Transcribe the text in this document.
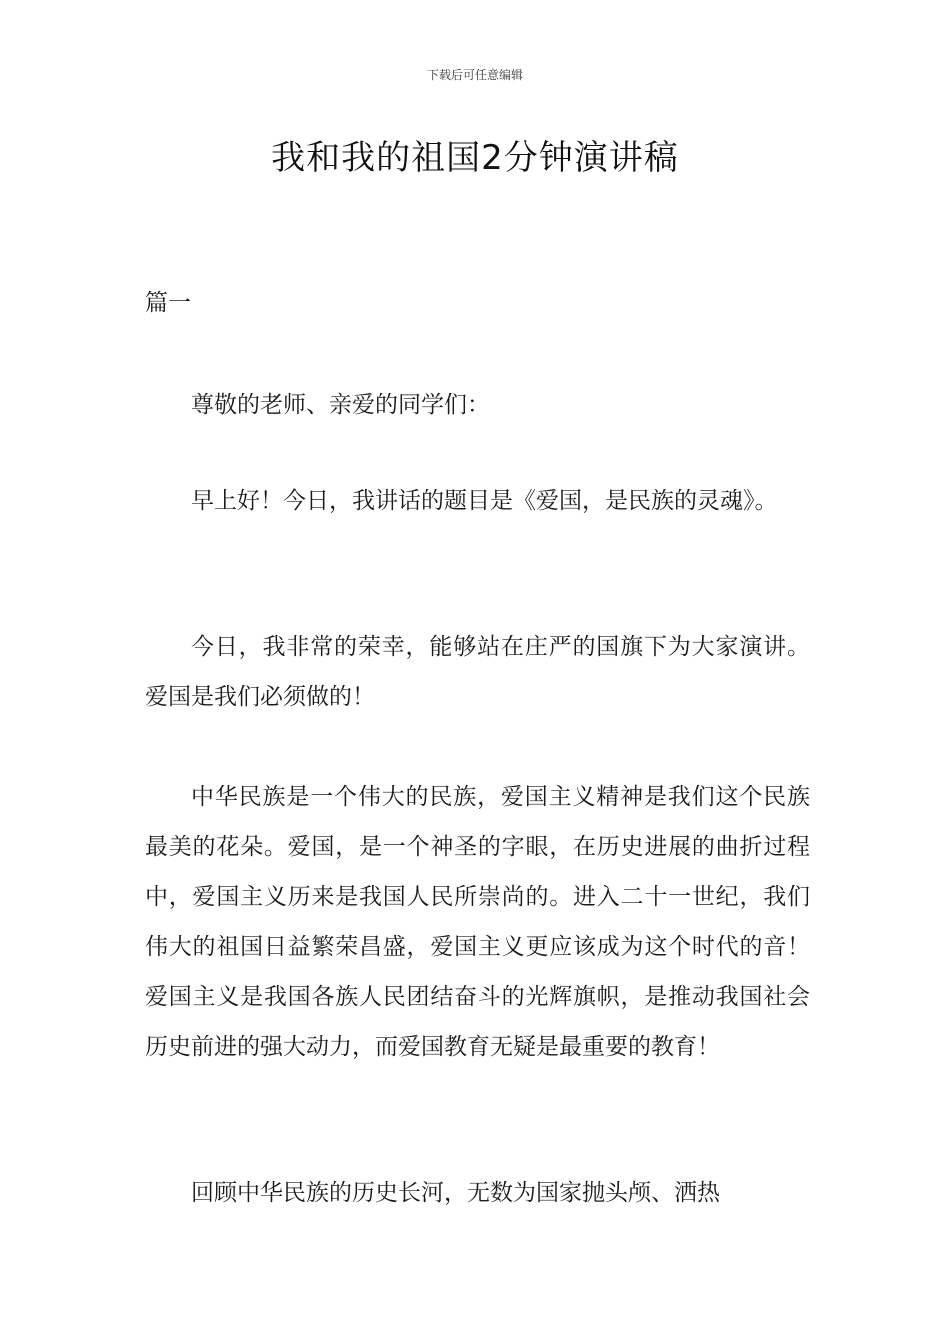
下载后可任意编辑
我和我的祖国2分钟演讲稿
篇一

尊敬的老师、亲爱的同学们：

早上好！今日，我讲话的题目是《爱国，是民族的灵魂》。

今日，我非常的荣幸，能够站在庄严的国旗下为大家演讲。爱国是我们必须做的！

中华民族是一个伟大的民族，爱国主义精神是我们这个民族最美的花朵。爱国，是一个神圣的字眼，在历史进展的曲折过程中，爱国主义历来是我国人民所崇尚的。进入二十一世纪，我们伟大的祖国日益繁荣昌盛，爱国主义更应该成为这个时代的音！爱国主义是我国各族人民团结奋斗的光辉旗帜，是推动我国社会历史前进的强大动力，而爱国教育无疑是最重要的教育！

回顾中华民族的历史长河，无数为国家抛头颅、洒热
